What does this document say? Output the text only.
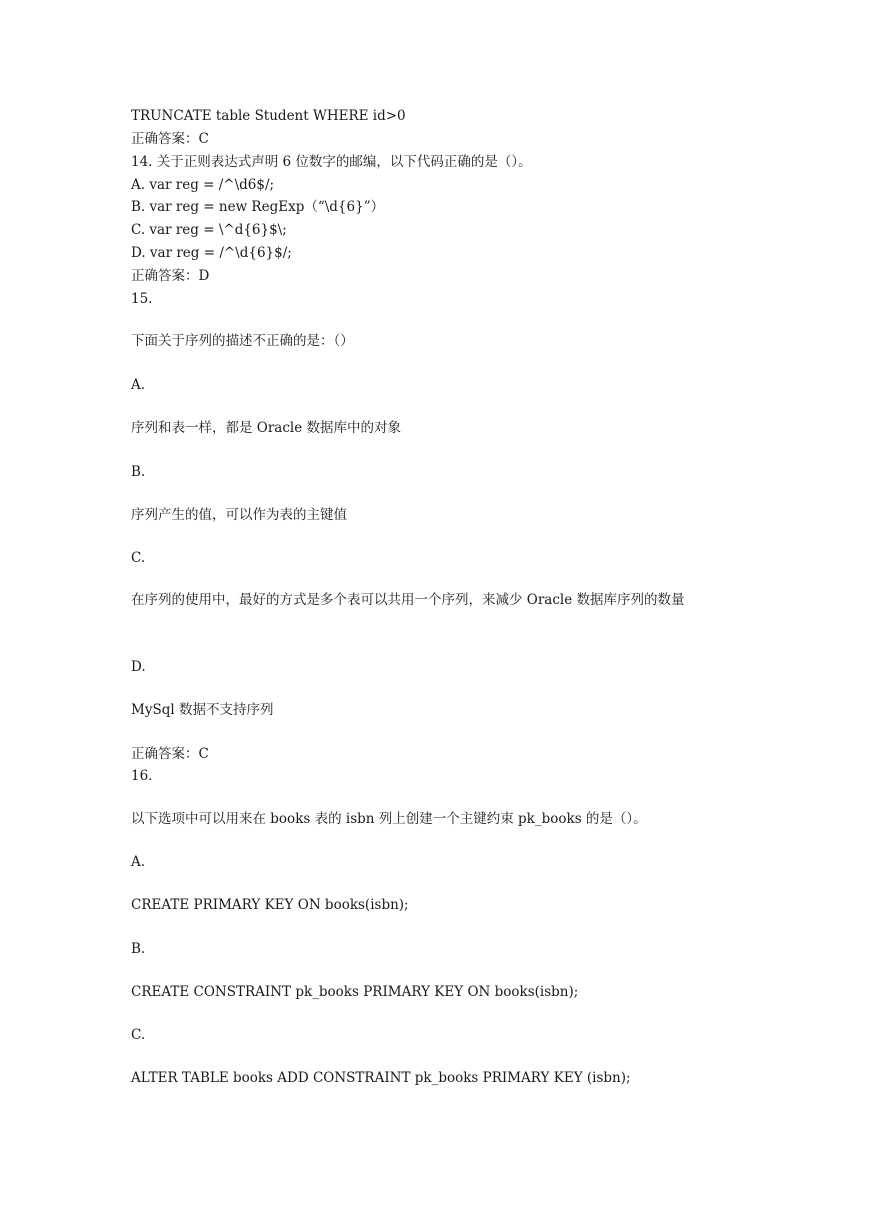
TRUNCATE table Student WHERE id>0
正确答案：C
14. 关于正则表达式声明 6 位数字的邮编，以下代码正确的是（）。
A. var reg = /^\d6$/;
B. var reg = new RegExp（“\d{6}”）
C. var reg = \^d{6}$\;
D. var reg = /^\d{6}$/;
正确答案：D
15.
下面关于序列的描述不正确的是：（）
A.
序列和表一样，都是 Oracle 数据库中的对象
B.
序列产生的值，可以作为表的主键值
C.
在序列的使用中，最好的方式是多个表可以共用一个序列，来减少 Oracle 数据库序列的数量
D.
MySql 数据不支持序列
正确答案：C
16.
以下选项中可以用来在 books 表的 isbn 列上创建一个主键约束 pk_books 的是（）。
A.
CREATE PRIMARY KEY ON books(isbn);
B.
CREATE CONSTRAINT pk_books PRIMARY KEY ON books(isbn);
C.
ALTER TABLE books ADD CONSTRAINT pk_books PRIMARY KEY (isbn);
